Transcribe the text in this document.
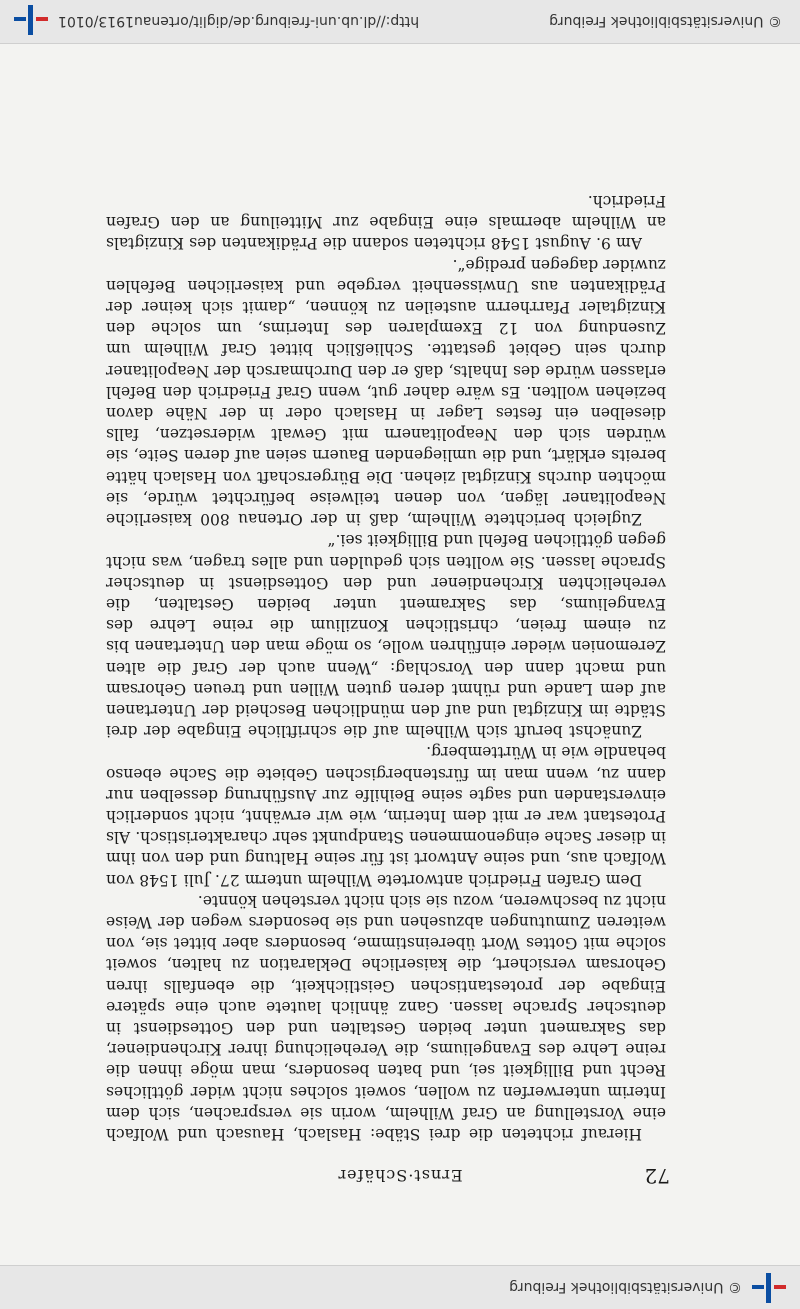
© Universitätsbibliothek Freiburg
72
Ernst·Schäfer

Hierauf richteten die drei Stäbe: Haslach, Hausach und Wolfach eine Vorstellung an Graf Wilhelm, worin sie versprachen, sich dem Interim unterwerfen zu wollen, soweit solches nicht wider göttliches Recht und Billigkeit sei, und baten besonders, man möge ihnen die reine Lehre des Evangeliums, die Verehelichung ihrer Kirchendiener, das Sakrament unter beiden Gestalten und den Gottesdienst in deutscher Sprache lassen. Ganz ähnlich lautete auch eine spätere Eingabe der protestantischen Geistlichkeit, die ebenfalls ihren Gehorsam versichert, die kaiserliche Deklaration zu halten, soweit solche mit Gottes Wort übereinstimme, besonders aber bittet sie, von weiteren Zumutungen abzusehen und sie besonders wegen der Weise nicht zu beschweren, wozu sie sich nicht verstehen könnte.

Dem Grafen Friedrich antwortete Wilhelm unterm 27. Juli 1548 von Wolfach aus, und seine Antwort ist für seine Haltung und den von ihm in dieser Sache eingenommenen Standpunkt sehr charakteristisch. Als Protestant war er mit dem Interim, wie wir erwähnt, nicht sonderlich einverstanden und sagte seine Beihilfe zur Ausführung desselben nur dann zu, wenn man im fürstenbergischen Gebiete die Sache ebenso behandle wie in Württemberg.

Zunächst beruft sich Wilhelm auf die schriftliche Eingabe der drei Städte im Kinzigtal und auf den mündlichen Bescheid der Untertanen auf dem Lande und rühmt deren guten Willen und treuen Gehorsam und macht dann den Vorschlag: „Wenn auch der Graf die alten Zeremonien wieder einführen wolle, so möge man den Untertanen bis zu einem freien, christlichen Konzilium die reine Lehre des Evangeliums, das Sakrament unter beiden Gestalten, die verehelichten Kirchendiener und den Gottesdienst in deutscher Sprache lassen. Sie wollten sich gedulden und alles tragen, was nicht gegen göttlichen Befehl und Billigkeit sei.“

Zugleich berichtete Wilhelm, daß in der Ortenau 800 kaiserliche Neapolitaner lägen, von denen teilweise befürchtet würde, sie möchten durchs Kinzigtal ziehen. Die Bürgerschaft von Haslach hätte bereits erklärt, und die umliegenden Bauern seien auf deren Seite, sie würden sich den Neapolitanern mit Gewalt widersetzen, falls dieselben ein festes Lager in Haslach oder in der Nähe davon beziehen wollten. Es wäre daher gut, wenn Graf Friedrich den Befehl erlassen würde des Inhalts, daß er den Durchmarsch der Neapolitaner durch sein Gebiet gestatte. Schließlich bittet Graf Wilhelm um Zusendung von 12 Exemplaren des Interims, um solche den Kinzigtaler Pfarrherrn austeilen zu können, „damit sich keiner der Prädikanten aus Unwissenheit vergebe und kaiserlichen Befehlen zuwider dagegen predige“.

Am 9. August 1548 richteten sodann die Prädikanten des Kinzigtals an Wilhelm abermals eine Eingabe zur Mitteilung an den Grafen Friedrich.

© Universitätsbibliothek Freiburg
http://dl.ub.uni-freiburg.de/diglit/ortenau1913/0101
